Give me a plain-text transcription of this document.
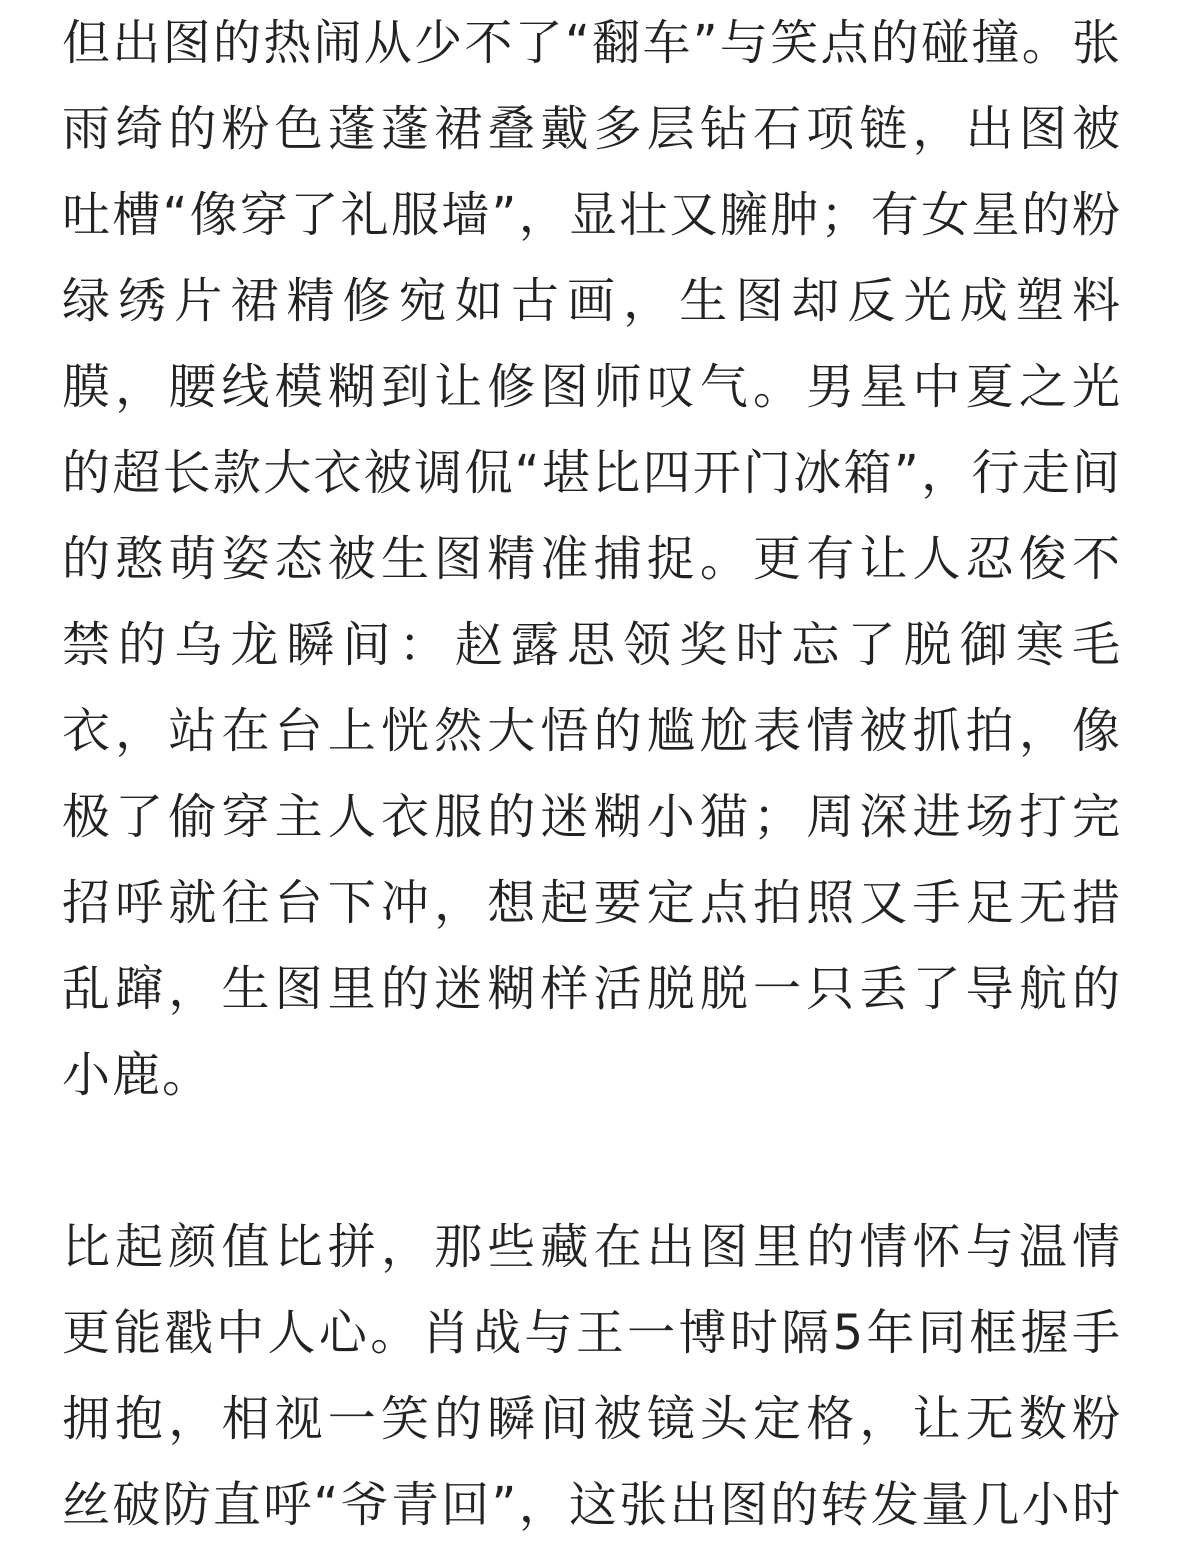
但出图的热闹从少不了“翻车”与笑点的碰撞。张
雨绮的粉色蓬蓬裙叠戴多层钻石项链，出图被
吐槽“像穿了礼服墙”，显壮又臃肿；有女星的粉
绿绣片裙精修宛如古画，生图却反光成塑料
膜，腰线模糊到让修图师叹气。男星中夏之光
的超长款大衣被调侃“堪比四开门冰箱”，行走间
的憨萌姿态被生图精准捕捉。更有让人忍俊不
禁的乌龙瞬间：赵露思领奖时忘了脱御寒毛
衣，站在台上恍然大悟的尴尬表情被抓拍，像
极了偷穿主人衣服的迷糊小猫；周深进场打完
招呼就往台下冲，想起要定点拍照又手足无措
乱蹿，生图里的迷糊样活脱脱一只丢了导航的
小鹿。

比起颜值比拼，那些藏在出图里的情怀与温情
更能戳中人心。肖战与王一博时隔5年同框握手
拥抱，相视一笑的瞬间被镜头定格，让无数粉
丝破防直呼“爷青回”，这张出图的转发量几小时
